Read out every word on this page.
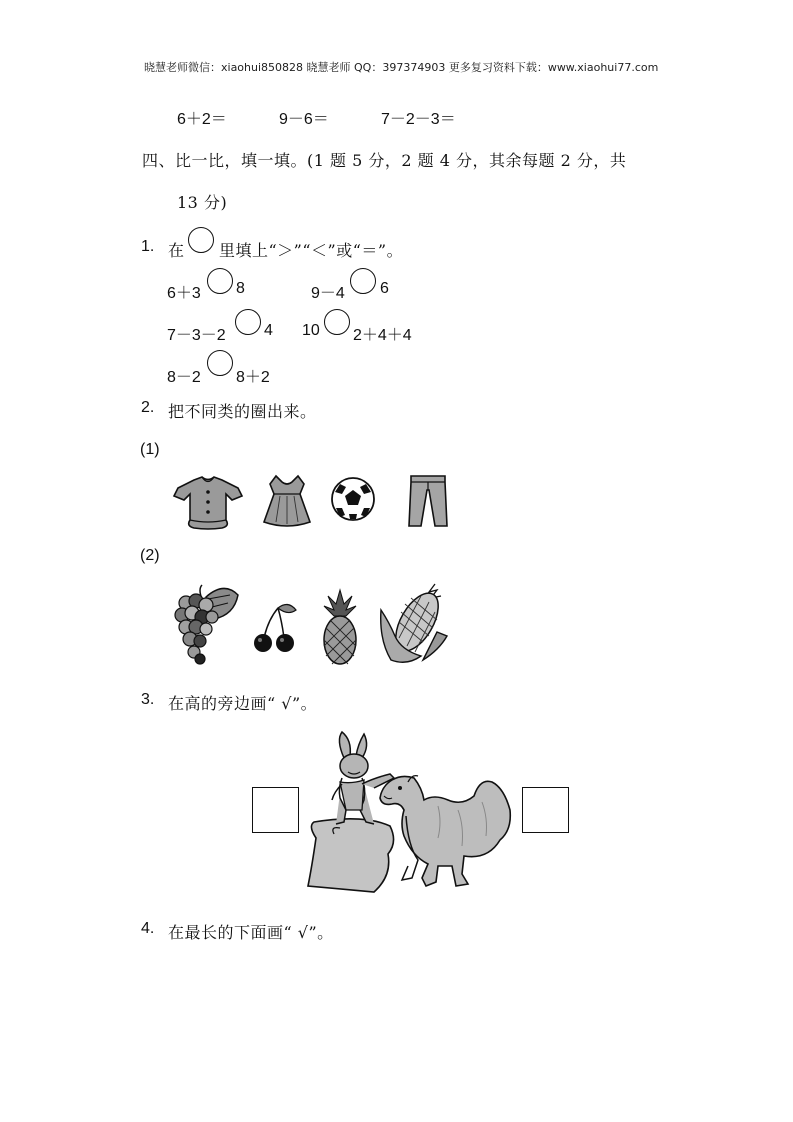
晓慧老师微信：xiaohui850828 晓慧老师 QQ：397374903 更多复习资料下载：www.xiaohui77.com
6＋2＝	9－6＝	7－2－3＝
四、比一比，填一填。(1 题 5 分，2 题 4 分，其余每题 2 分，共
13 分)
1. 在 里填上“＞”“＜”或“＝”。
6＋3 8	9－4 6
7－3－2 4 10 2＋4＋4
8－2 8＋2
2. 把不同类的圈出来。
(1)
(2)
3. 在高的旁边画“ √”。
4. 在最长的下面画“ √”。
